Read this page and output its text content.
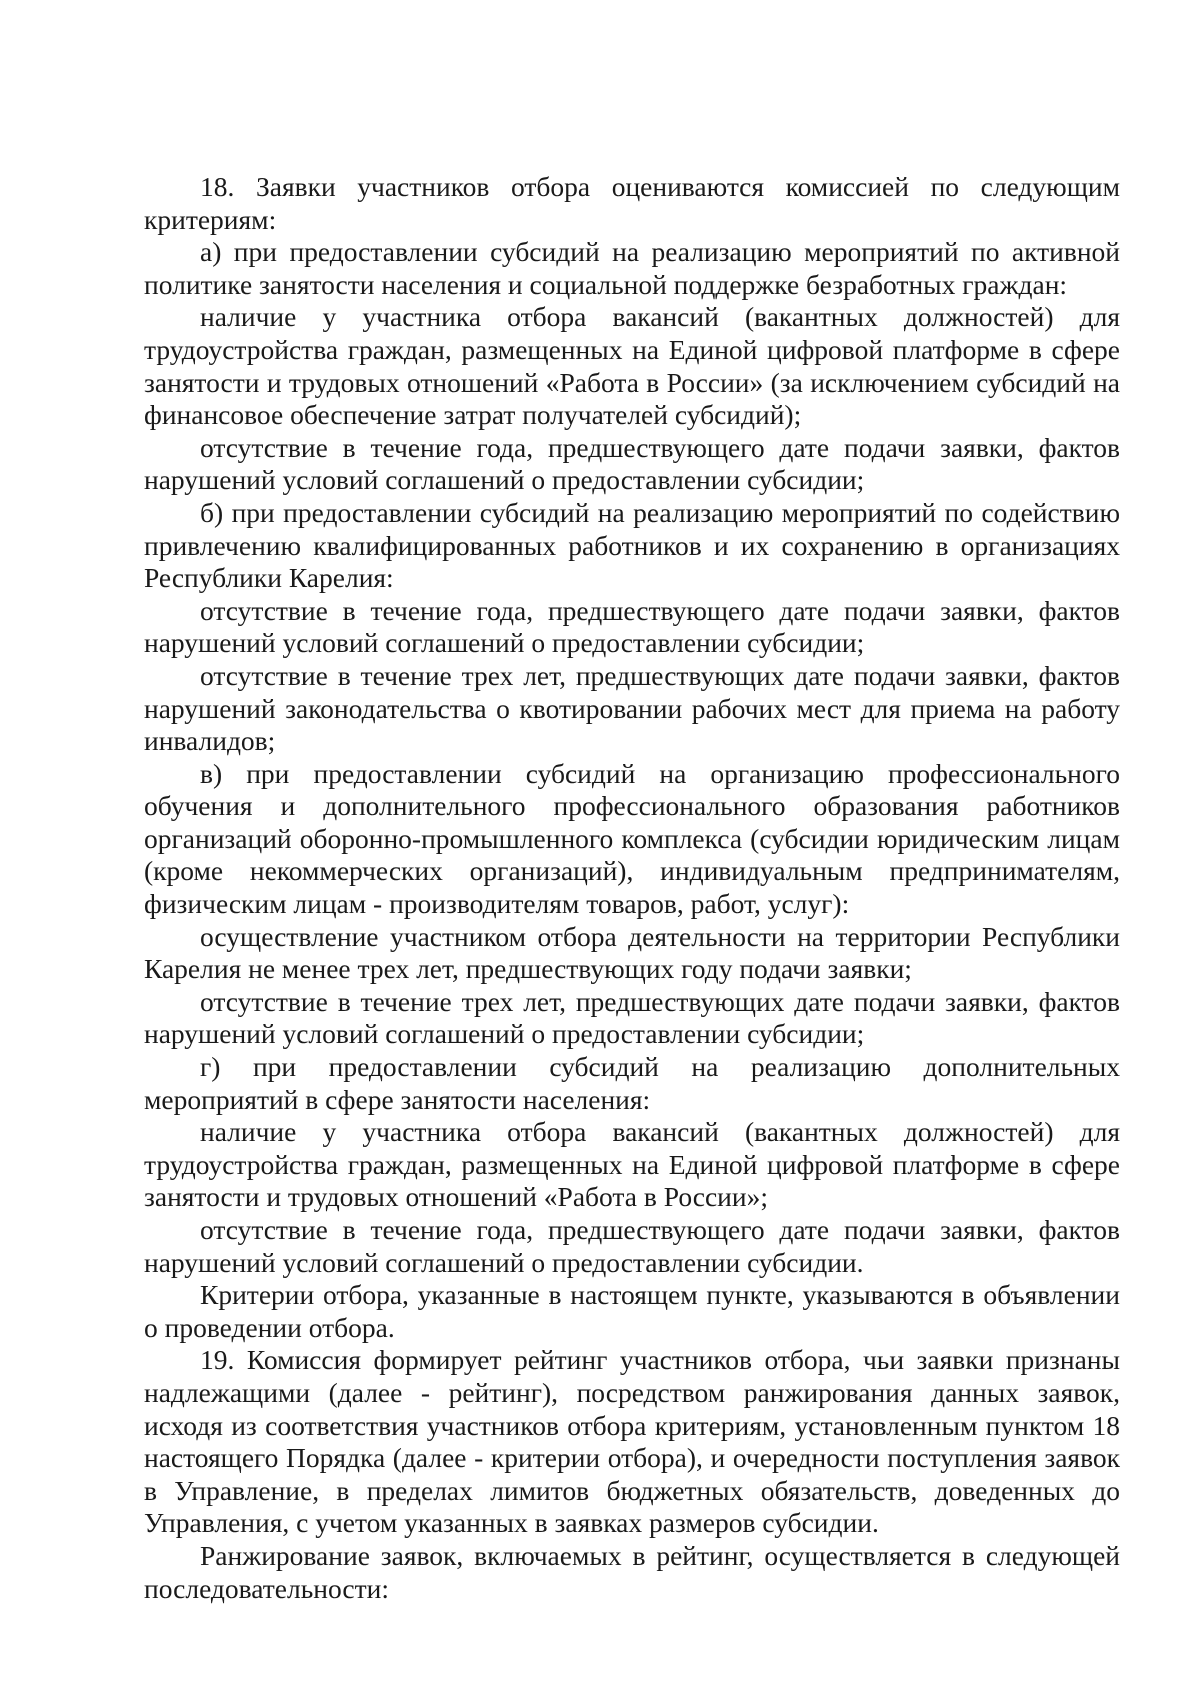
18. Заявки участников отбора оцениваются комиссией по следующим критериям:

а) при предоставлении субсидий на реализацию мероприятий по активной политике занятости населения и социальной поддержке безработных граждан:

наличие у участника отбора вакансий (вакантных должностей) для трудоустройства граждан, размещенных на Единой цифровой платформе в сфере занятости и трудовых отношений «Работа в России» (за исключением субсидий на финансовое обеспечение затрат получателей субсидий);

отсутствие в течение года, предшествующего дате подачи заявки, фактов нарушений условий соглашений о предоставлении субсидии;

б) при предоставлении субсидий на реализацию мероприятий по содействию привлечению квалифицированных работников и их сохранению в организациях Республики Карелия:

отсутствие в течение года, предшествующего дате подачи заявки, фактов нарушений условий соглашений о предоставлении субсидии;

отсутствие в течение трех лет, предшествующих дате подачи заявки, фактов нарушений законодательства о квотировании рабочих мест для приема на работу инвалидов;

в) при предоставлении субсидий на организацию профессионального обучения и дополнительного профессионального образования работников организаций оборонно-промышленного комплекса (субсидии юридическим лицам (кроме некоммерческих организаций), индивидуальным предпринимателям, физическим лицам - производителям товаров, работ, услуг):

осуществление участником отбора деятельности на территории Республики Карелия не менее трех лет, предшествующих году подачи заявки;

отсутствие в течение трех лет, предшествующих дате подачи заявки, фактов нарушений условий соглашений о предоставлении субсидии;

г) при предоставлении субсидий на реализацию дополнительных мероприятий в сфере занятости населения:

наличие у участника отбора вакансий (вакантных должностей) для трудоустройства граждан, размещенных на Единой цифровой платформе в сфере занятости и трудовых отношений «Работа в России»;

отсутствие в течение года, предшествующего дате подачи заявки, фактов нарушений условий соглашений о предоставлении субсидии.

Критерии отбора, указанные в настоящем пункте, указываются в объявлении о проведении отбора.

19. Комиссия формирует рейтинг участников отбора, чьи заявки признаны надлежащими (далее - рейтинг), посредством ранжирования данных заявок, исходя из соответствия участников отбора критериям, установленным пунктом 18 настоящего Порядка (далее - критерии отбора), и очередности поступления заявок в Управление, в пределах лимитов бюджетных обязательств, доведенных до Управления, с учетом указанных в заявках размеров субсидии.

Ранжирование заявок, включаемых в рейтинг, осуществляется в следующей последовательности:
